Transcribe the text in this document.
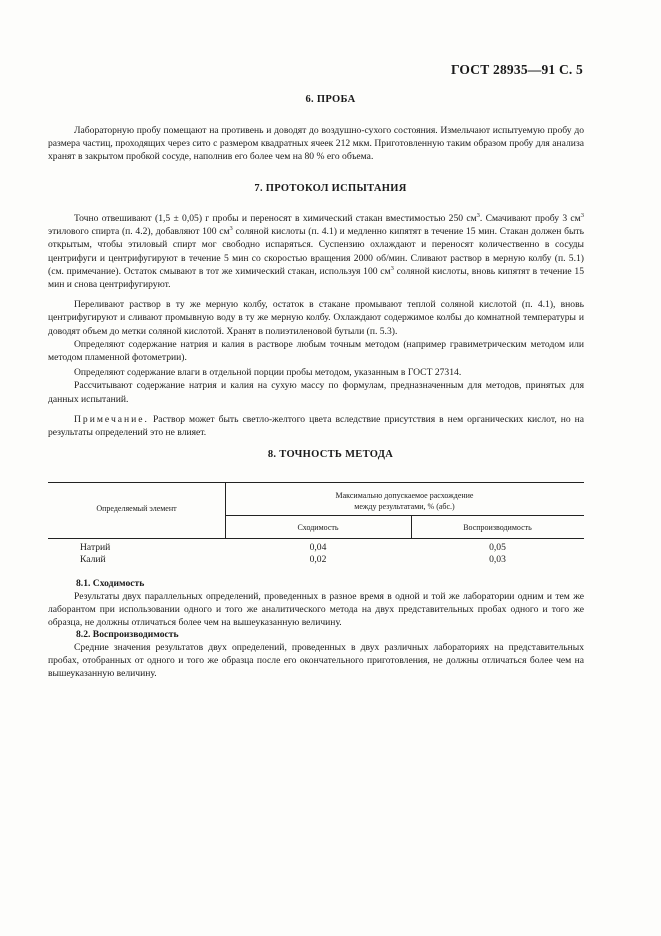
ГОСТ 28935—91 С. 5
6. ПРОБА

Лабораторную пробу помещают на противень и доводят до воздушно-сухого состояния. Измельчают испытуемую пробу до размера частиц, проходящих через сито с размером квадратных ячеек 212 мкм. Приготовленную таким образом пробу для анализа хранят в закрытом пробкой сосуде, наполнив его более чем на 80 % его объема.

7. ПРОТОКОЛ ИСПЫТАНИЯ

Точно отвешивают (1,5 ± 0,05) г пробы и переносят в химический стакан вместимостью 250 $см^3$. Смачивают пробу 3 $см^3$ этилового спирта (п. 4.2), добавляют 100 $см^3$ соляной кислоты (п. 4.1) и медленно кипятят в течение 15 мин. Стакан должен быть открытым, чтобы этиловый спирт мог свободно испаряться. Суспензию охлаждают и переносят количественно в сосуды центрифуги и центрифугируют в течение 5 мин со скоростью вращения 2000 об/мин. Сливают раствор в мерную колбу (п. 5.1) (см. примечание). Остаток смывают в тот же химический стакан, используя 100 $см^3$ соляной кислоты, вновь кипятят в течение 15 мин и снова центрифугируют.

Переливают раствор в ту же мерную колбу, остаток в стакане промывают теплой соляной кислотой (п. 4.1), вновь центрифугируют и сливают промывную воду в ту же мерную колбу. Охлаждают содержимое колбы до комнатной температуры и доводят объем до метки соляной кислотой. Хранят в полиэтиленовой бутыли (п. 5.3).

Определяют содержание натрия и калия в растворе любым точным методом (например гравиметрическим методом или методом пламенной фотометрии).

Определяют содержание влаги в отдельной порции пробы методом, указанным в ГОСТ 27314.

Рассчитывают содержание натрия и калия на сухую массу по формулам, предназначенным для методов, принятых для данных испытаний.

Примечание. Раствор может быть светло-желтого цвета вследствие присутствия в нем органических кислот, но на результаты определений это не влияет.

8. ТОЧНОСТЬ МЕТОДА
Определяемый элемент
Максимально допускаемое расхождение
между результатами, % (абс.)
Сходимость	Воспроизводимость
Натрий	0,04	0,05
Калий	0,02	0,03
8.1. Сходимость

Результаты двух параллельных определений, проведенных в разное время в одной и той же лаборатории одним и тем же лаборантом при использовании одного и того же аналитического метода на двух представительных пробах одного и того же образца, не должны отличаться более чем на вышеуказанную величину.

8.2. Воспроизводимость

Средние значения результатов двух определений, проведенных в двух различных лабораториях на представительных пробах, отобранных от одного и того же образца после его окончательного приготовления, не должны отличаться более чем на вышеуказанную величину.
